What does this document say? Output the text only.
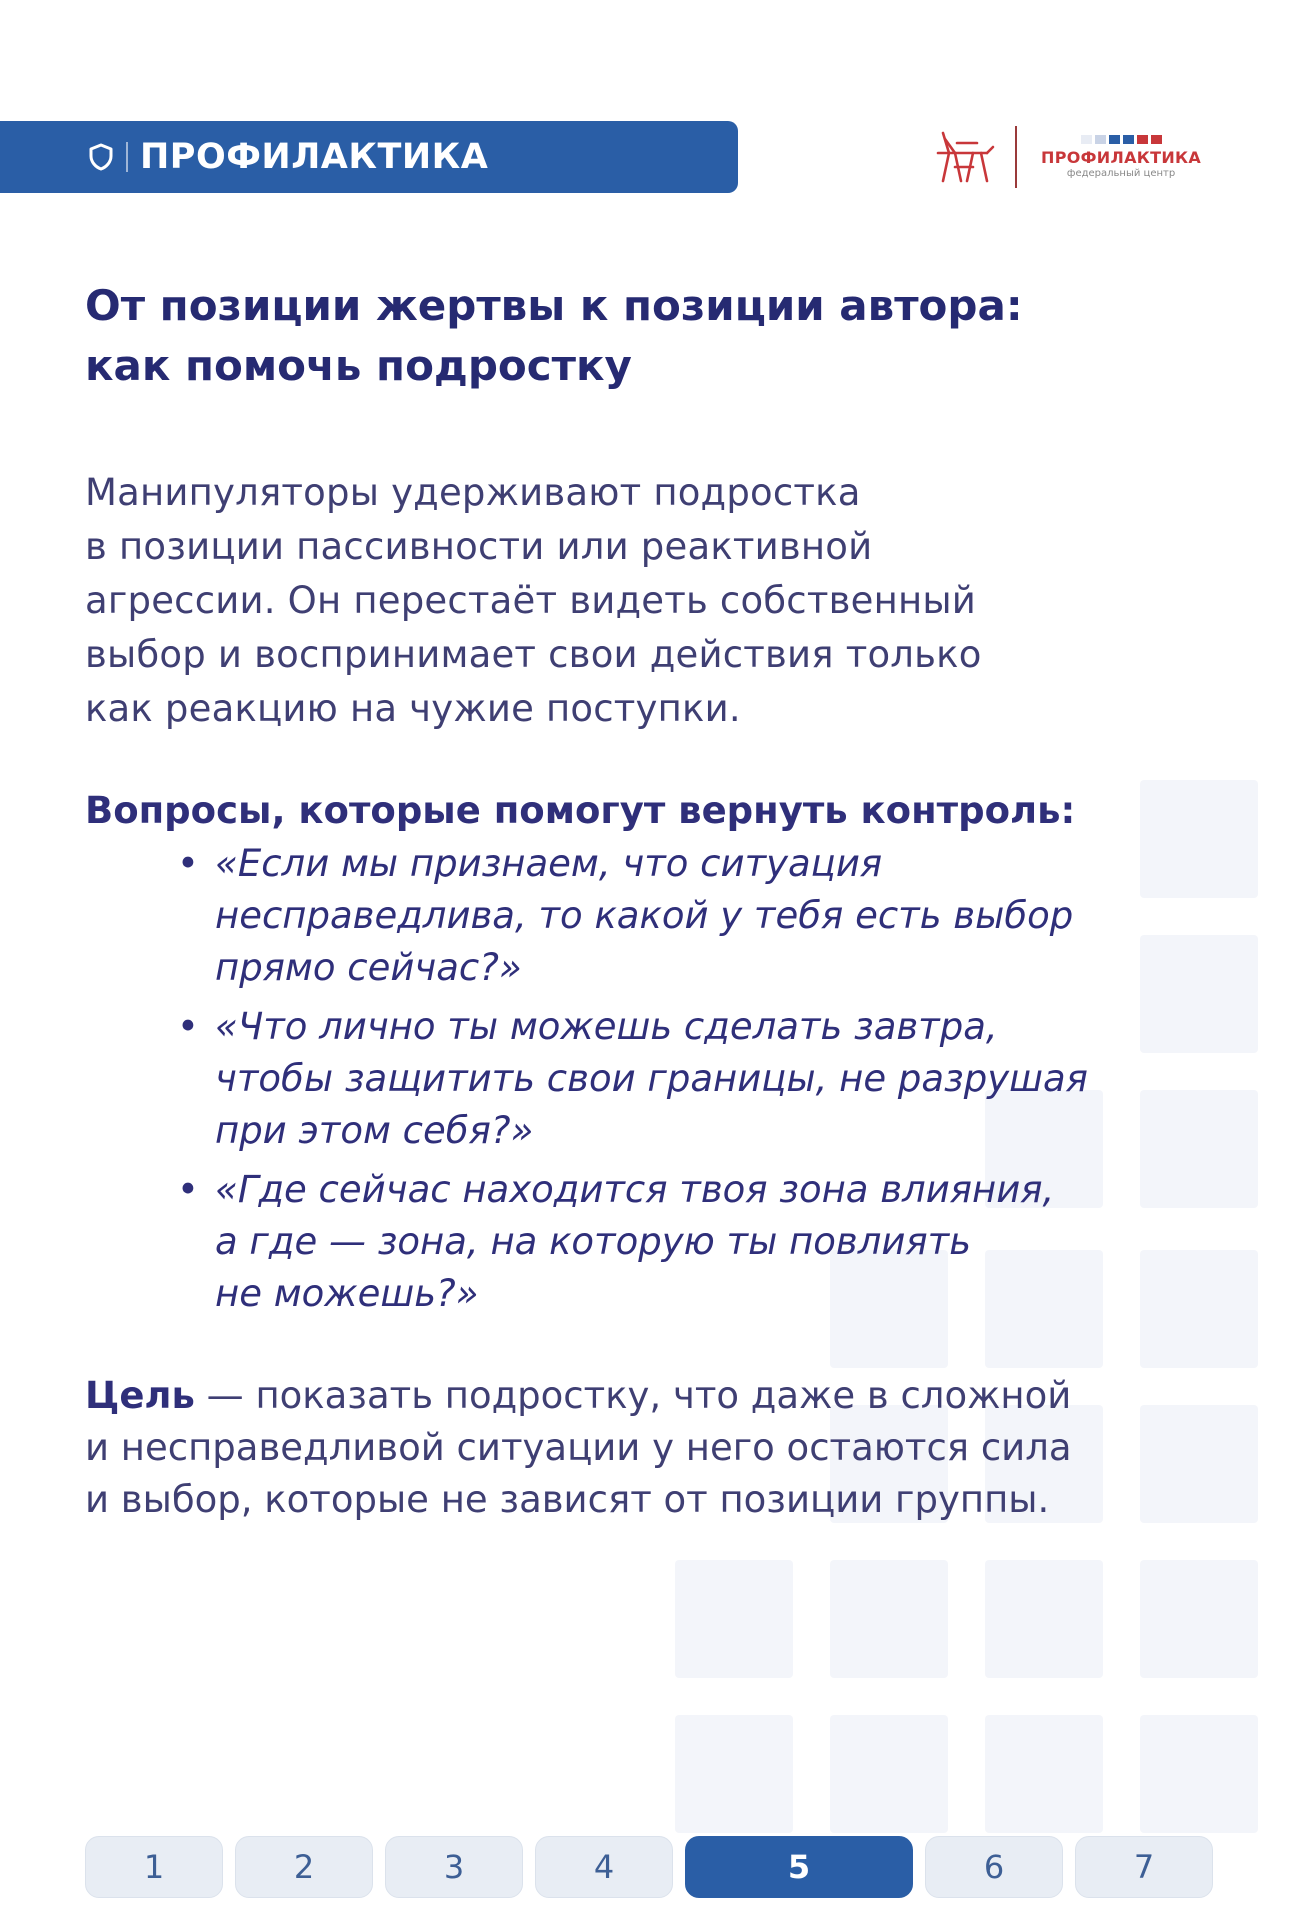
ПРОФИЛАКТИКА	ПРОФИЛАКТИКА
федеральный центр
От позиции жертвы к позиции автора:
как помочь подростку

Манипуляторы удерживают подростка
в позиции пассивности или реактивной
агрессии. Он перестаёт видеть собственный
выбор и воспринимает свои действия только
как реакцию на чужие поступки.

Вопросы, которые помогут вернуть контроль:

• «Если мы признаем, что ситуация
несправедлива, то какой у тебя есть выбор
прямо сейчас?»
• «Что лично ты можешь сделать завтра,
чтобы защитить свои границы, не разрушая
при этом себя?»
• «Где сейчас находится твоя зона влияния,
а где — зона, на которую ты повлиять
не можешь?»

Цель — показать подростку, что даже в сложной
и несправедливой ситуации у него остаются сила
и выбор, которые не зависят от позиции группы.

1	2	3	4	5	6	7
